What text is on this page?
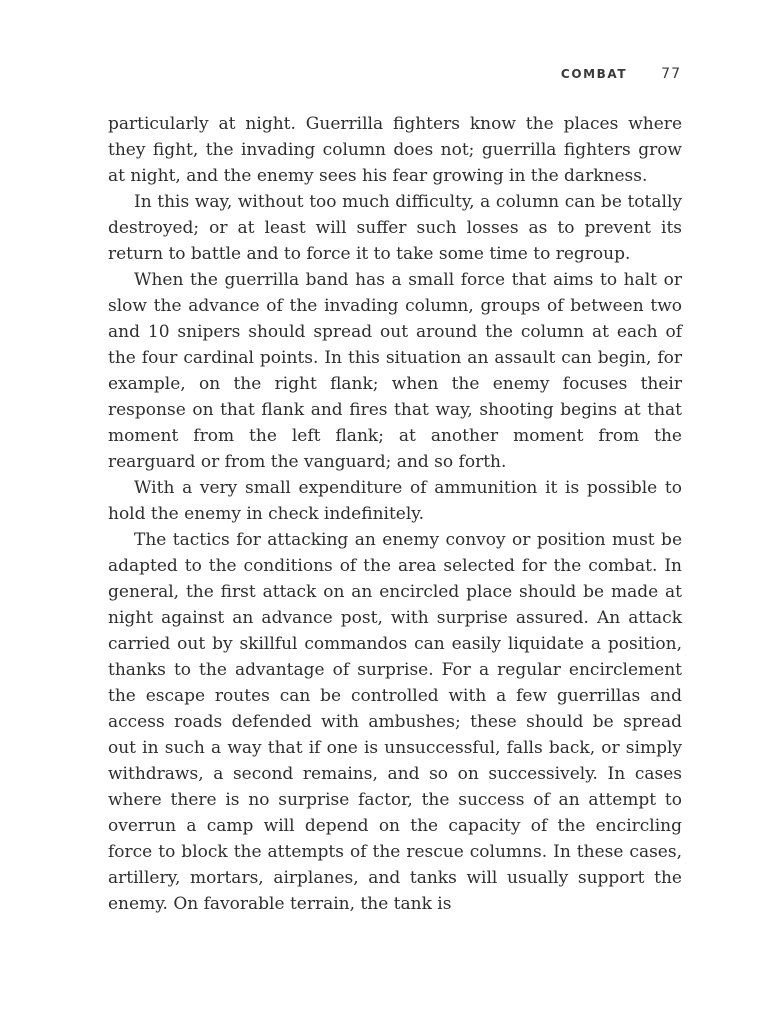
COMBAT 77

particularly at night. Guerrilla fighters know the places where they fight, the invading column does not; guerrilla fighters grow at night, and the enemy sees his fear growing in the darkness.

In this way, without too much difficulty, a column can be totally destroyed; or at least will suffer such losses as to prevent its return to battle and to force it to take some time to regroup.

When the guerrilla band has a small force that aims to halt or slow the advance of the invading column, groups of between two and 10 snipers should spread out around the column at each of the four cardinal points. In this situation an assault can begin, for example, on the right flank; when the enemy focuses their response on that flank and fires that way, shooting begins at that moment from the left flank; at another moment from the rearguard or from the vanguard; and so forth.

With a very small expenditure of ammunition it is possible to hold the enemy in check indefinitely.

The tactics for attacking an enemy convoy or position must be adapted to the conditions of the area selected for the combat. In general, the first attack on an encircled place should be made at night against an advance post, with surprise assured. An attack carried out by skillful commandos can easily liquidate a position, thanks to the advantage of surprise. For a regular encirclement the escape routes can be controlled with a few guerrillas and access roads defended with ambushes; these should be spread out in such a way that if one is unsuccessful, falls back, or simply withdraws, a second remains, and so on successively. In cases where there is no surprise factor, the success of an attempt to overrun a camp will depend on the capacity of the encircling force to block the attempts of the rescue columns. In these cases, artillery, mortars, airplanes, and tanks will usually support the enemy. On favorable terrain, the tank is
